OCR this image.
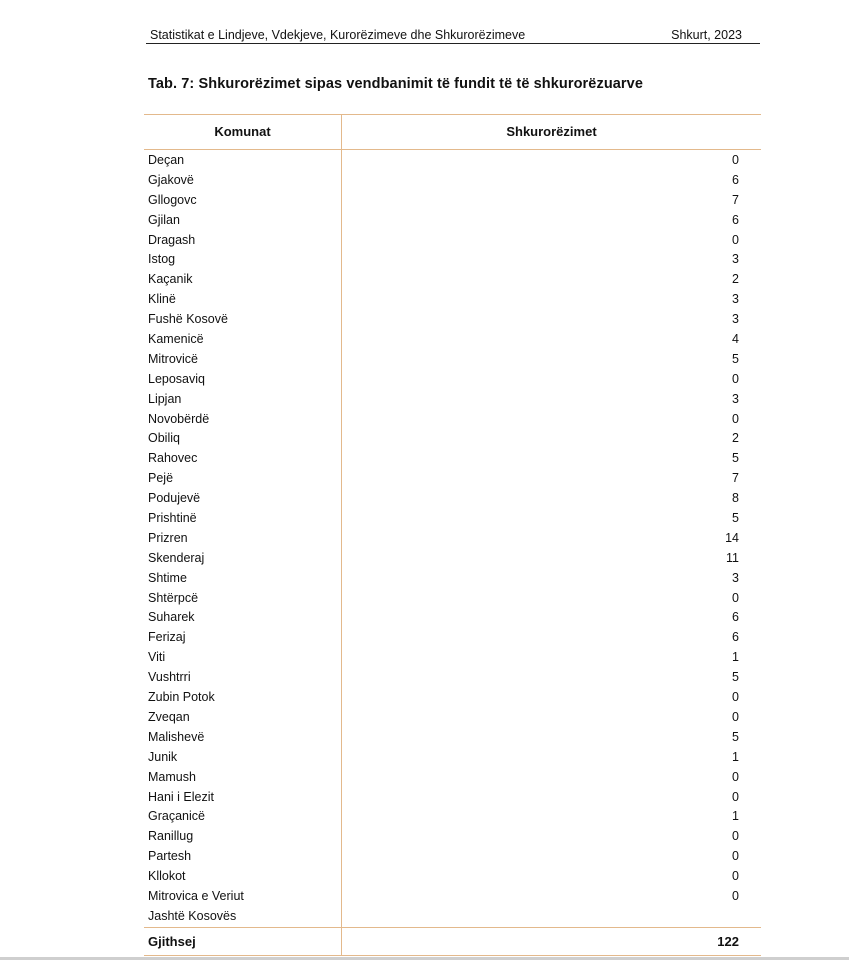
Statistikat e Lindjeve, Vdekjeve, Kurorëzimeve dhe Shkurorëzimeve	Shkurt, 2023
Tab. 7: Shkurorëzimet sipas vendbanimit të fundit të të shkurorëzuarve
Komunat	Shkurorëzimet
Deçan	0
Gjakovë	6
Gllogovc	7
Gjilan	6
Dragash	0
Istog	3
Kaçanik	2
Klinë	3
Fushë Kosovë	3
Kamenicë	4
Mitrovicë	5
Leposaviq	0
Lipjan	3
Novobërdë	0
Obiliq	2
Rahovec	5
Pejë	7
Podujevë	8
Prishtinë	5
Prizren	14
Skenderaj	11
Shtime	3
Shtërpcë	0
Suharek	6
Ferizaj	6
Viti	1
Vushtrri	5
Zubin Potok	0
Zveqan	0
Malishevë	5
Junik	1
Mamush	0
Hani i Elezit	0
Graçanicë	1
Ranillug	0
Partesh	0
Kllokot	0
Mitrovica e Veriut	0
Jashtë Kosovës
Gjithsej	122
